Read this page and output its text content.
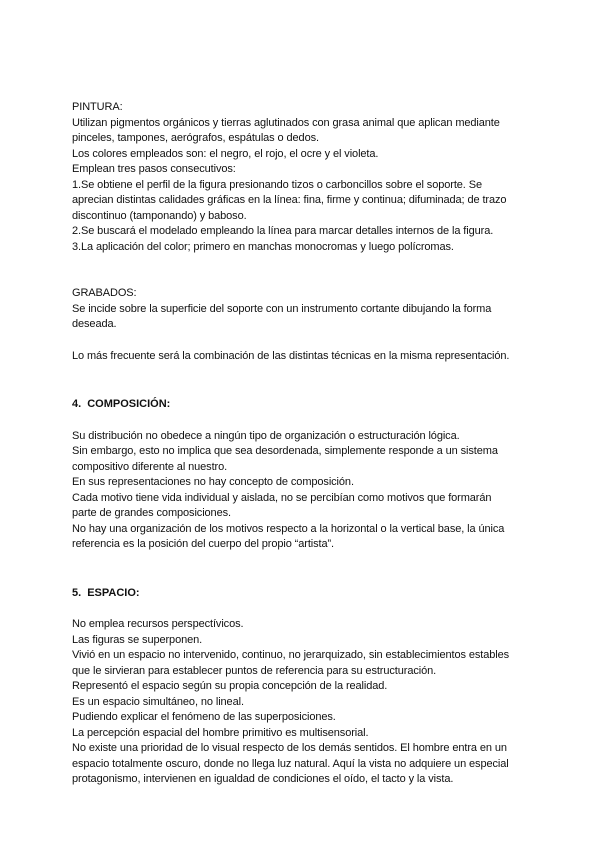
PINTURA:
Utilizan pigmentos orgánicos y tierras aglutinados con grasa animal que aplican mediante
pinceles, tampones, aerógrafos, espátulas o dedos.
Los colores empleados son: el negro, el rojo, el ocre y el violeta.
Emplean tres pasos consecutivos:
1.Se obtiene el perfil de la figura presionando tizos o carboncillos sobre el soporte. Se
aprecian distintas calidades gráficas en la línea: fina, firme y continua; difuminada; de trazo
discontinuo (tamponando) y baboso.
2.Se buscará el modelado empleando la línea para marcar detalles internos de la figura.
3.La aplicación del color; primero en manchas monocromas y luego polícromas.
GRABADOS:
Se incide sobre la superficie del soporte con un instrumento cortante dibujando la forma
deseada.
Lo más frecuente será la combinación de las distintas técnicas en la misma representación.
4. COMPOSICIÓN:
Su distribución no obedece a ningún tipo de organización o estructuración lógica.
Sin embargo, esto no implica que sea desordenada, simplemente responde a un sistema
compositivo diferente al nuestro.
En sus representaciones no hay concepto de composición.
Cada motivo tiene vida individual y aislada, no se percibían como motivos que formarán
parte de grandes composiciones.
No hay una organización de los motivos respecto a la horizontal o la vertical base, la única
referencia es la posición del cuerpo del propio “artista”.
5. ESPACIO:
No emplea recursos perspectívicos.
Las figuras se superponen.
Vivió en un espacio no intervenido, continuo, no jerarquizado, sin establecimientos estables
que le sirvieran para establecer puntos de referencia para su estructuración.
Representó el espacio según su propia concepción de la realidad.
Es un espacio simultáneo, no lineal.
Pudiendo explicar el fenómeno de las superposiciones.
La percepción espacial del hombre primitivo es multisensorial.
No existe una prioridad de lo visual respecto de los demás sentidos. El hombre entra en un
espacio totalmente oscuro, donde no llega luz natural. Aquí la vista no adquiere un especial
protagonismo, intervienen en igualdad de condiciones el oído, el tacto y la vista.
